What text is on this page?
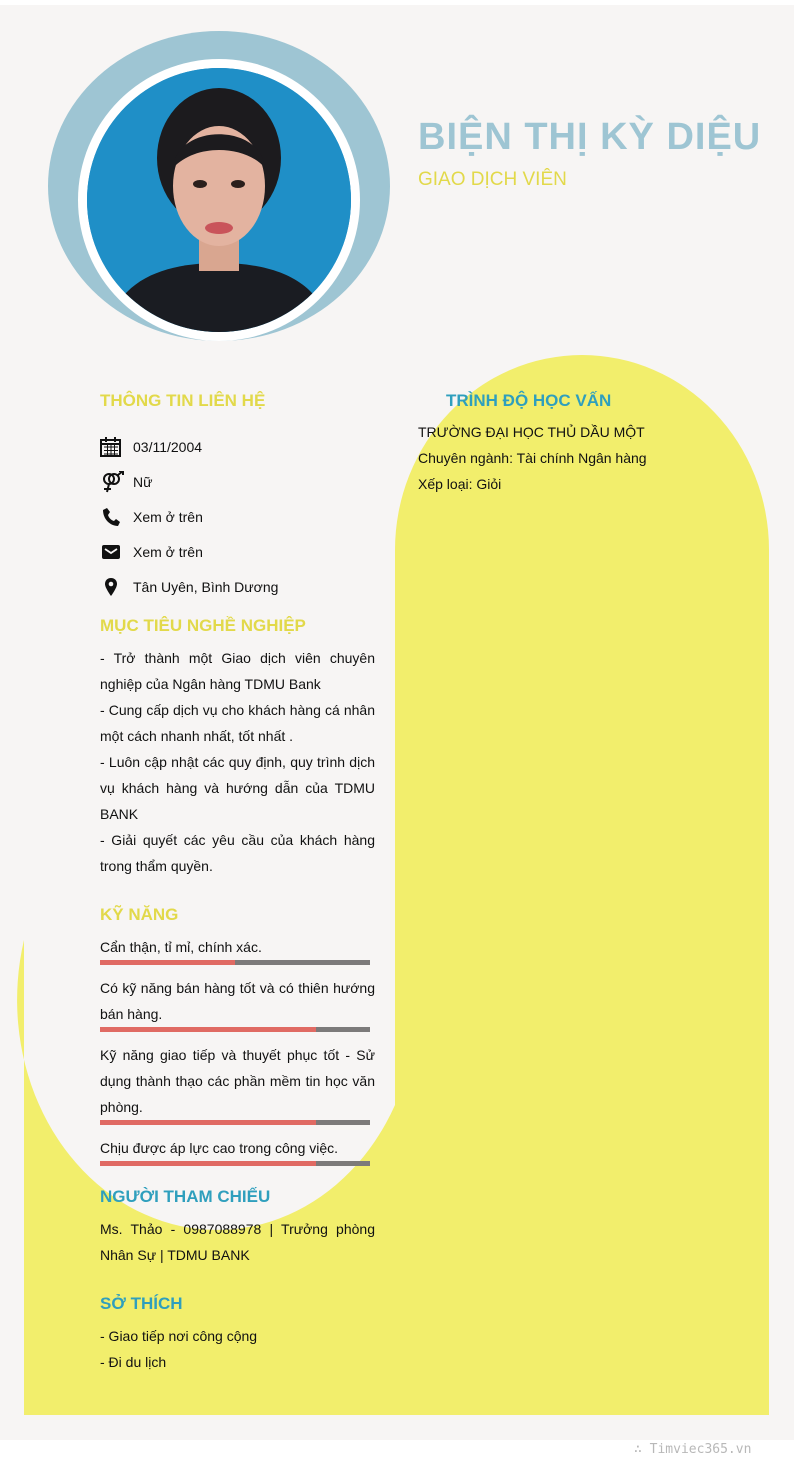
BIỆN THỊ KỲ DIỆU
GIAO DỊCH VIÊN
THÔNG TIN LIÊN HỆ
03/11/2004
Nữ
Xem ở trên
Xem ở trên
Tân Uyên, Bình Dương
MỤC TIÊU NGHỀ NGHIỆP
- Trở thành một Giao dịch viên chuyên nghiệp của Ngân hàng TDMU Bank
- Cung cấp dịch vụ cho khách hàng cá nhân một cách nhanh nhất, tốt nhất .
- Luôn cập nhật các quy định, quy trình dịch vụ khách hàng và hướng dẫn của TDMU BANK
- Giải quyết các yêu cầu của khách hàng trong thẩm quyền.
KỸ NĂNG
Cẩn thận, tỉ mỉ, chính xác.
Có kỹ năng bán hàng tốt và có thiên hướng bán hàng.
Kỹ năng giao tiếp và thuyết phục tốt - Sử dụng thành thạo các phần mềm tin học văn phòng.
Chịu được áp lực cao trong công việc.
NGƯỜI THAM CHIẾU
Ms. Thảo - 0987088978 | Trưởng phòng Nhân Sự | TDMU BANK
SỞ THÍCH
- Giao tiếp nơi công cộng
- Đi du lịch
TRÌNH ĐỘ HỌC VẤN
TRƯỜNG ĐẠI HỌC THỦ DẦU MỘT
Chuyên ngành: Tài chính Ngân hàng
Xếp loại: Giỏi
∴ Timviec365.vn
